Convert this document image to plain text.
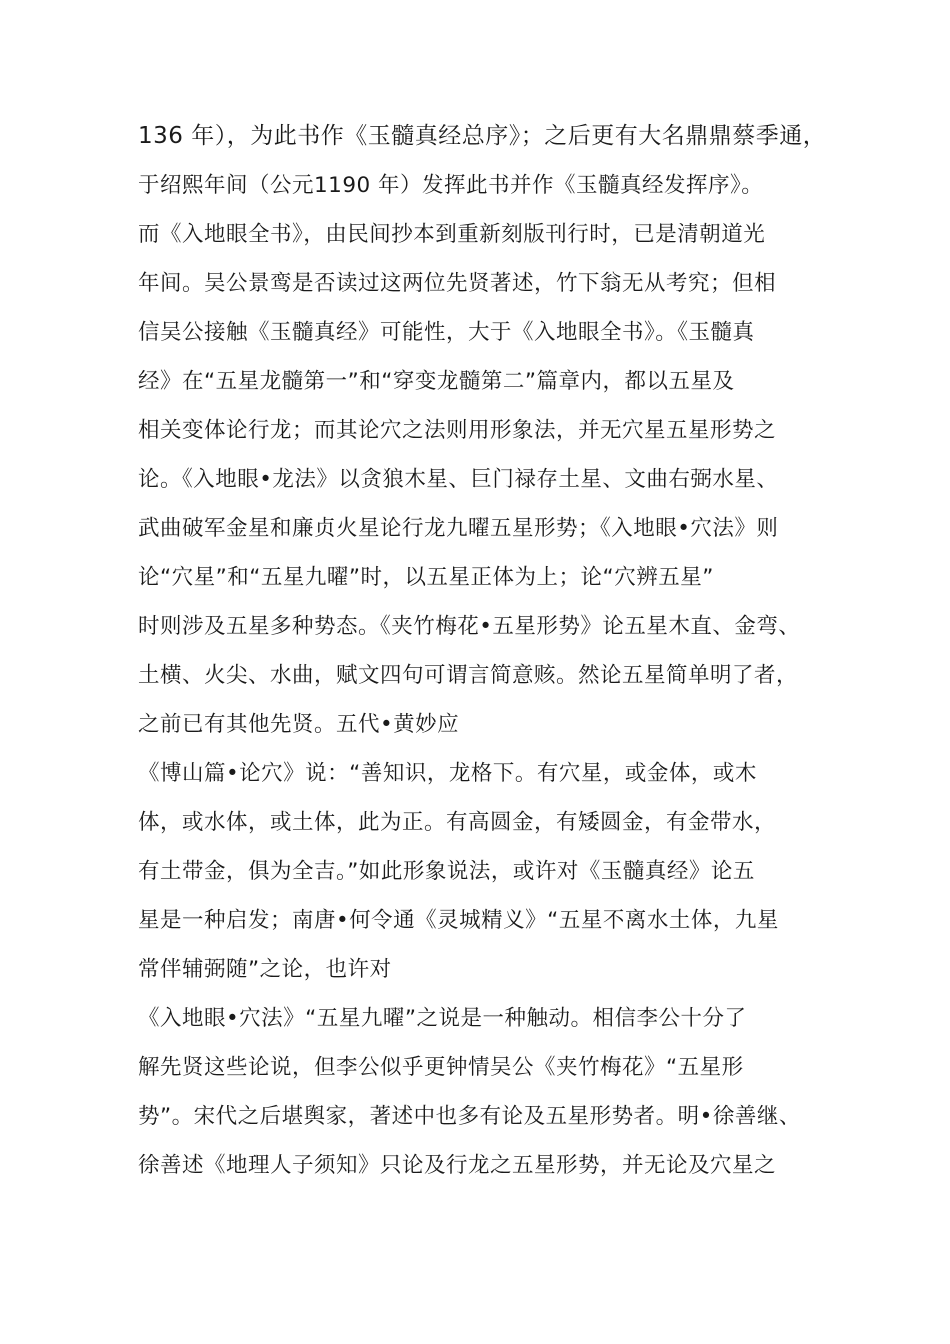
136 年），为此书作《玉髓真经总序》；之后更有大名鼎鼎蔡季通，
于绍熙年间（公元1190 年）发挥此书并作《玉髓真经发挥序》。
而《入地眼全书》，由民间抄本到重新刻版刊行时，已是清朝道光
年间。吴公景鸾是否读过这两位先贤著述，竹下翁无从考究；但相
信吴公接触《玉髓真经》可能性，大于《入地眼全书》。《玉髓真
经》在“五星龙髓第一”和“穿变龙髓第二”篇章内，都以五星及
相关变体论行龙；而其论穴之法则用形象法，并无穴星五星形势之
论。《入地眼•龙法》以贪狼木星、巨门禄存土星、文曲右弼水星、
武曲破军金星和廉贞火星论行龙九曜五星形势；《入地眼•穴法》则
论“穴星”和“五星九曜”时，以五星正体为上；论“穴辨五星”
时则涉及五星多种势态。《夹竹梅花•五星形势》论五星木直、金弯、
土横、火尖、水曲，赋文四句可谓言简意赅。然论五星简单明了者，
之前已有其他先贤。五代•黄妙应
《博山篇•论穴》说：“善知识，龙格下。有穴星，或金体，或木
体，或水体，或土体，此为正。有高圆金，有矮圆金，有金带水，
有土带金，俱为全吉。”如此形象说法，或许对《玉髓真经》论五
星是一种启发；南唐•何令通《灵城精义》“五星不离水土体，九星
常伴辅弼随”之论，也许对
《入地眼•穴法》“五星九曜”之说是一种触动。相信李公十分了
解先贤这些论说，但李公似乎更钟情吴公《夹竹梅花》“五星形
势”。宋代之后堪舆家，著述中也多有论及五星形势者。明•徐善继、
徐善述《地理人子须知》只论及行龙之五星形势，并无论及穴星之
